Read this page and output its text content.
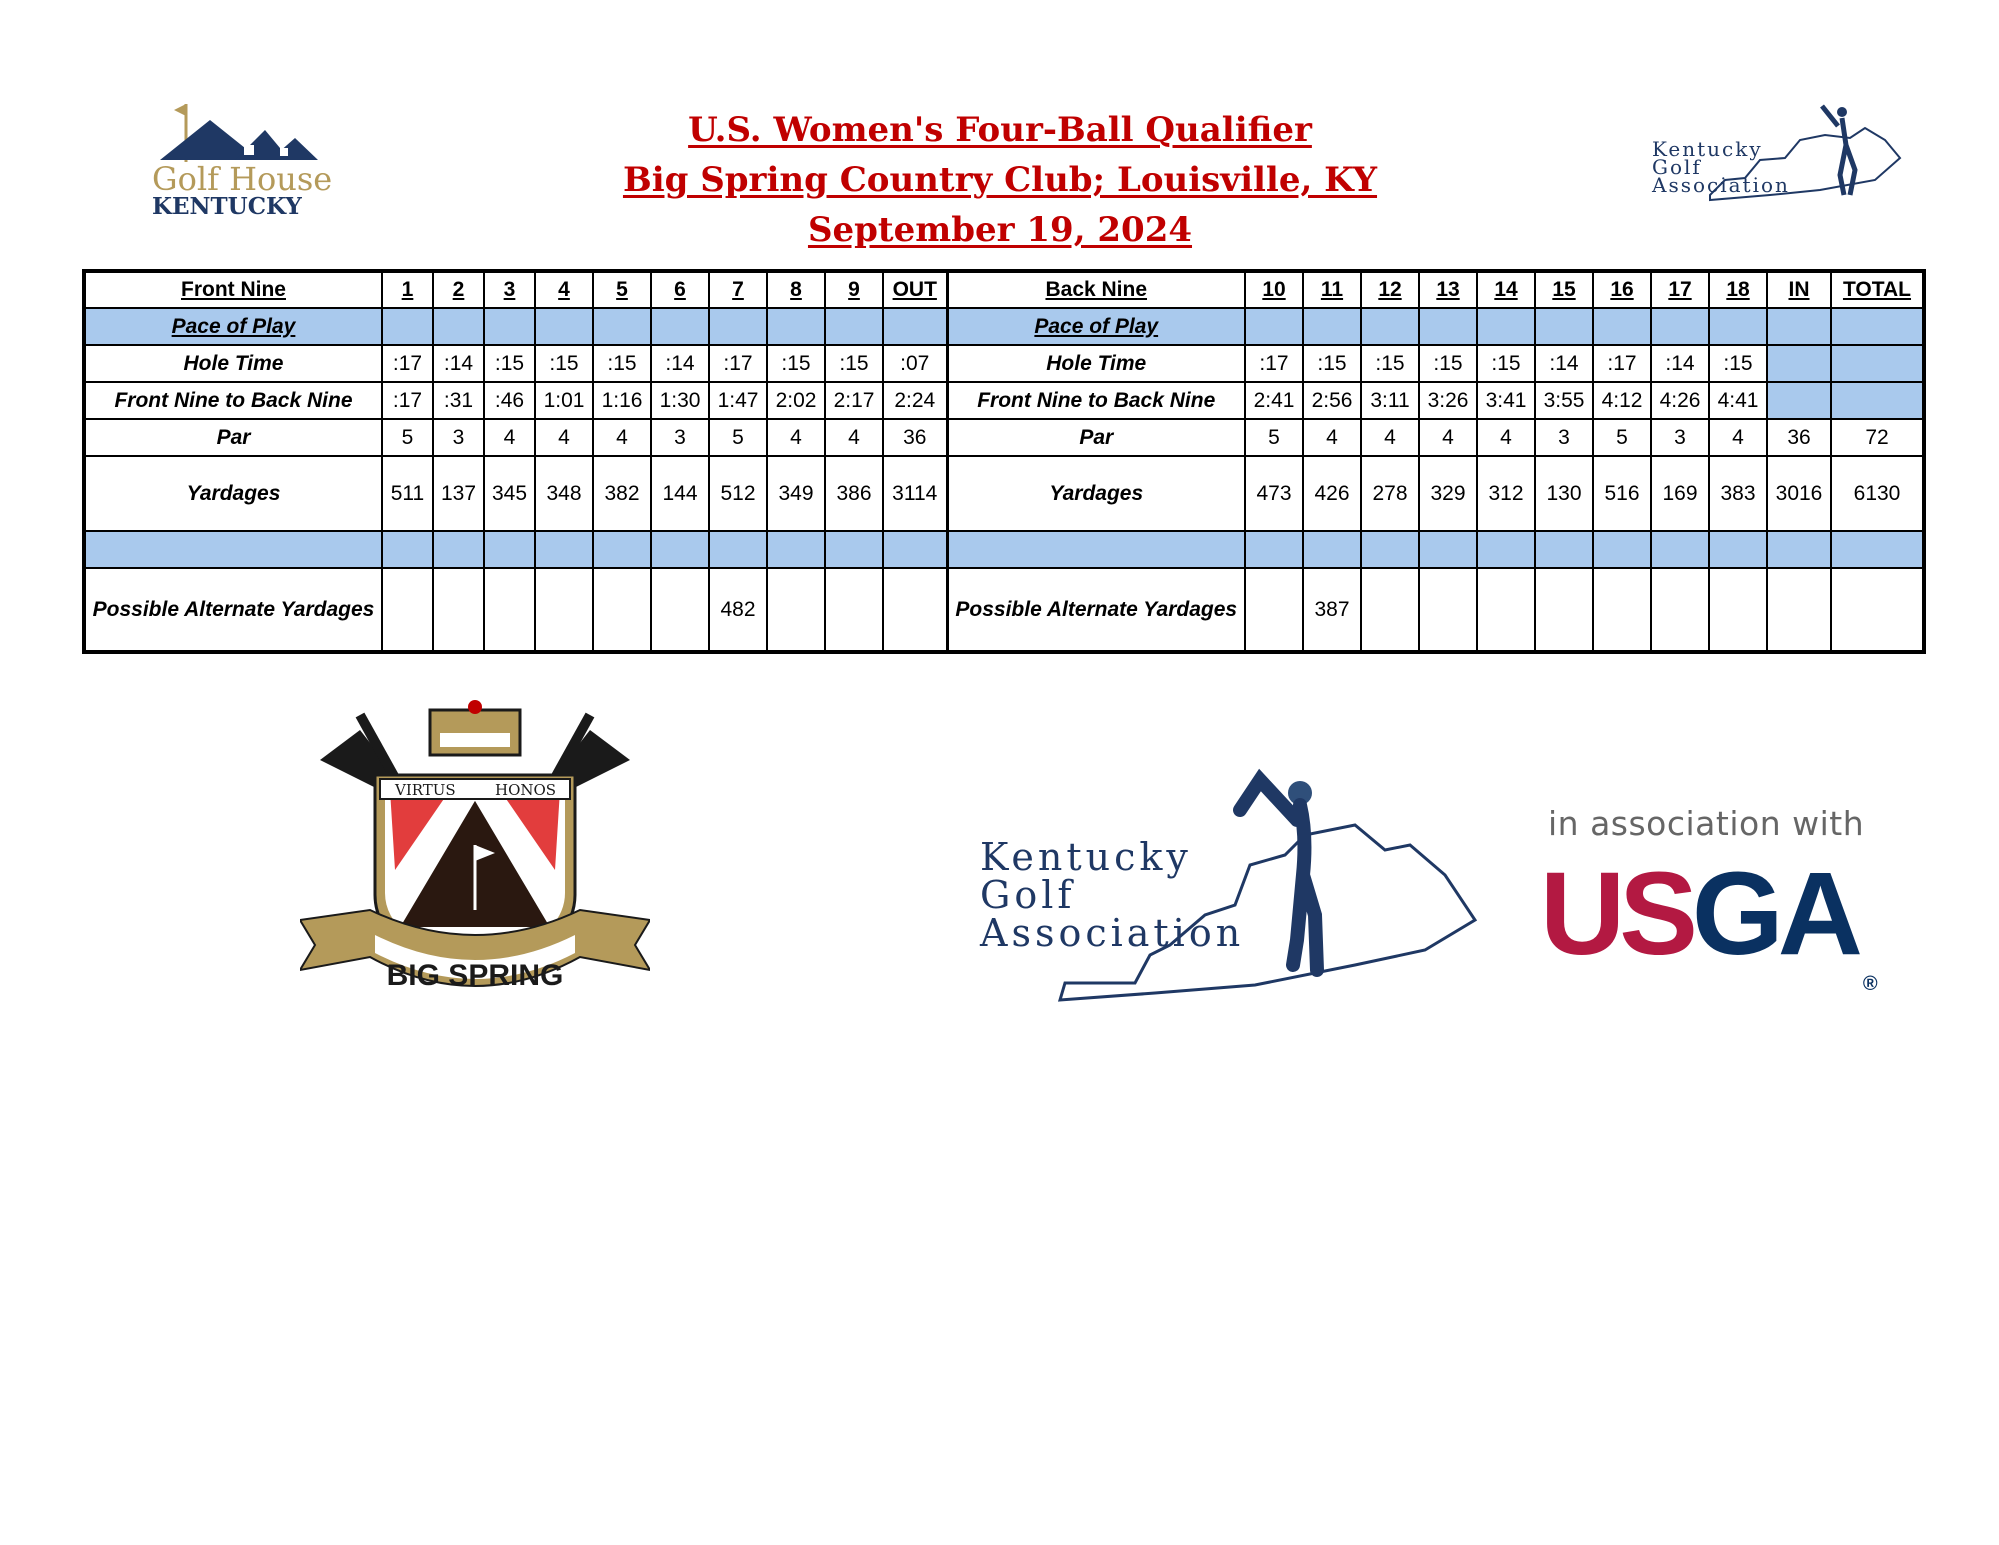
Golf House
KENTUCKY
U.S. Women's Four-Ball Qualifier
Big Spring Country Club; Louisville, KY
September 19, 2024
Kentucky
Golf
Association
Front Nine	1	2	3	4	5	6	7	8	9	OUT	Back Nine	10	11	12	13	14	15	16	17	18	IN	TOTAL
Pace of Play											Pace of Play											
Hole Time	:17	:14	:15	:15	:15	:14	:17	:15	:15	:07	Hole Time	:17	:15	:15	:15	:15	:14	:17	:14	:15		
Front Nine to Back Nine	:17	:31	:46	1:01	1:16	1:30	1:47	2:02	2:17	2:24	Front Nine to Back Nine	2:41	2:56	3:11	3:26	3:41	3:55	4:12	4:26	4:41		
Par	5	3	4	4	4	3	5	4	4	36	Par	5	4	4	4	4	3	5	3	4	36	72
Yardages	511	137	345	348	382	144	512	349	386	3114	Yardages	473	426	278	329	312	130	516	169	383	3016	6130

Possible Alternate Yardages							482				Possible Alternate Yardages		387									
VIRTUS	HONOS
BIG SPRING
Kentucky
Golf
Association
in association with
USGA®
